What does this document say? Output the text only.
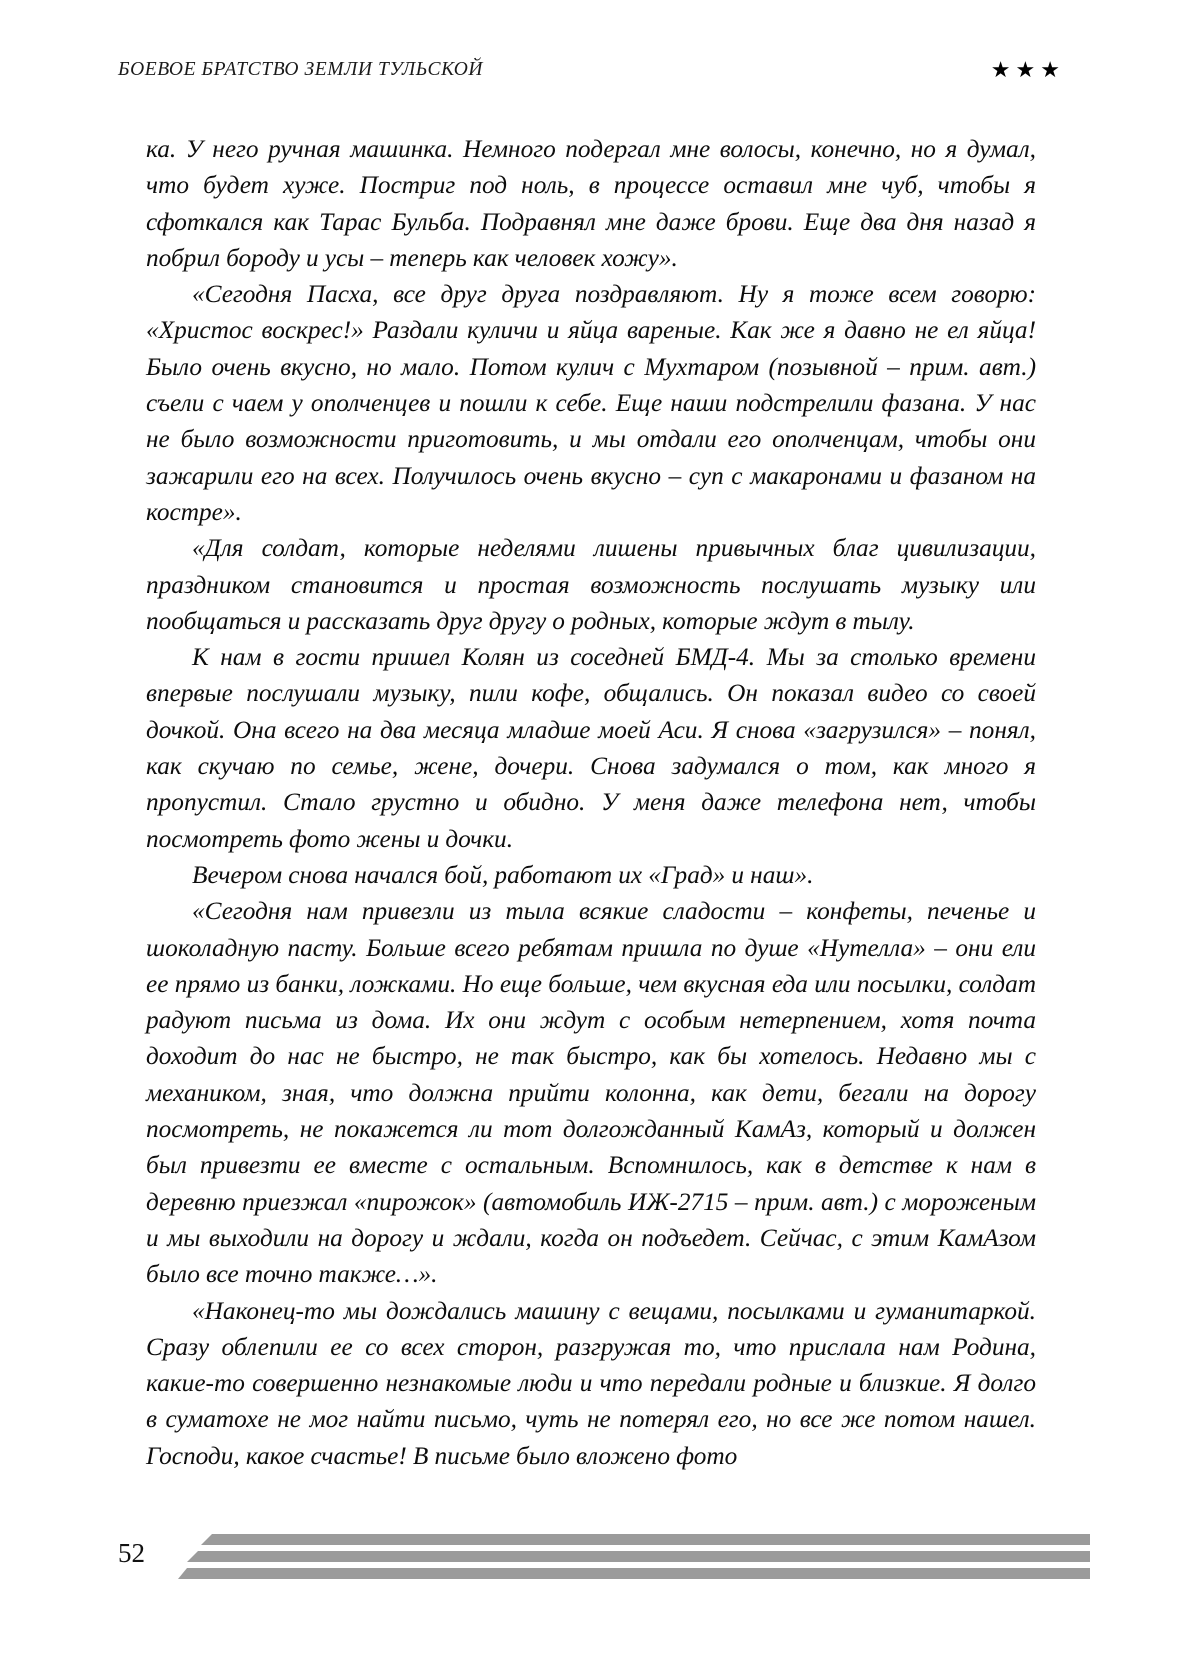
БОЕВОЕ БРАТСТВО ЗЕМЛИ ТУЛЬСКОЙ	★ ★ ★

ка. У него ручная машинка. Немного подергал мне волосы, конечно, но я думал, что будет хуже. Постриг под ноль, в процессе оставил мне чуб, чтобы я сфоткался как Тарас Бульба. Подравнял мне даже брови. Еще два дня назад я побрил бороду и усы – теперь как человек хожу».

«Сегодня Пасха, все друг друга поздравляют. Ну я тоже всем говорю: «Христос воскрес!» Раздали куличи и яйца вареные. Как же я давно не ел яйца! Было очень вкусно, но мало. Потом кулич с Мухтаром (позывной – прим. авт.) съели с чаем у ополченцев и пошли к себе. Еще наши подстрелили фазана. У нас не было возможности приготовить, и мы отдали его ополченцам, чтобы они зажарили его на всех. Получилось очень вкусно – суп с макаронами и фазаном на костре».

«Для солдат, которые неделями лишены привычных благ цивилизации, праздником становится и простая возможность послушать музыку или пообщаться и рассказать друг другу о родных, которые ждут в тылу.

К нам в гости пришел Колян из соседней БМД-4. Мы за столько времени впервые послушали музыку, пили кофе, общались. Он показал видео со своей дочкой. Она всего на два месяца младше моей Аси. Я снова «загрузился» – понял, как скучаю по семье, жене, дочери. Снова задумался о том, как много я пропустил. Стало грустно и обидно. У меня даже телефона нет, чтобы посмотреть фото жены и дочки.

Вечером снова начался бой, работают их «Град» и наш».

«Сегодня нам привезли из тыла всякие сладости – конфеты, печенье и шоколадную пасту. Больше всего ребятам пришла по душе «Нутелла» – они ели ее прямо из банки, ложками. Но еще больше, чем вкусная еда или посылки, солдат радуют письма из дома. Их они ждут с особым нетерпением, хотя почта доходит до нас не быстро, не так быстро, как бы хотелось. Недавно мы с механиком, зная, что должна прийти колонна, как дети, бегали на дорогу посмотреть, не покажется ли тот долгожданный КамАз, который и должен был привезти ее вместе с остальным. Вспомнилось, как в детстве к нам в деревню приезжал «пирожок» (автомобиль ИЖ-2715 – прим. авт.) с мороженым и мы выходили на дорогу и ждали, когда он подъедет. Сейчас, с этим КамАзом было все точно также…».

«Наконец-то мы дождались машину с вещами, посылками и гуманитаркой. Сразу облепили ее со всех сторон, разгружая то, что прислала нам Родина, какие-то совершенно незнакомые люди и что передали родные и близкие. Я долго в суматохе не мог найти письмо, чуть не потерял его, но все же потом нашел. Господи, какое счастье! В письме было вложено фото

52
